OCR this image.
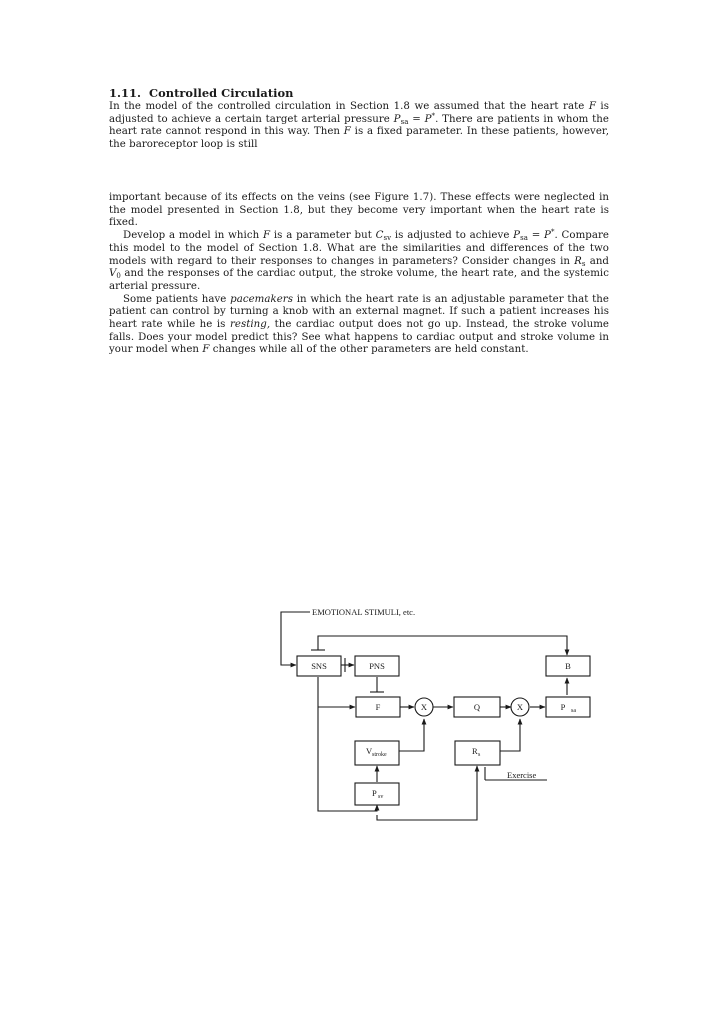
1.11. Controlled Circulation

In the model of the controlled circulation in Section 1.8 we assumed that the heart rate F is adjusted to achieve a certain target arterial pressure $P_{sa} = P^*$. There are patients in whom the heart rate cannot respond in this way. Then F is a fixed parameter. In these patients, however, the baroreceptor loop is still

important because of its effects on the veins (see Figure 1.7). These effects were neglected in the model presented in Section 1.8, but they become very important when the heart rate is fixed.

Develop a model in which F is a parameter but $C_{sv}$ is adjusted to achieve $P_{sa} = P^*$. Compare this model to the model of Section 1.8. What are the similarities and differences of the two models with regard to their responses to changes in parameters? Consider changes in $R_s$ and $V_0$ and the responses of the cardiac output, the stroke volume, the heart rate, and the systemic arterial pressure.

Some patients have pacemakers in which the heart rate is an adjustable parameter that the patient can control by turning a knob with an external magnet. If such a patient increases his heart rate while he is resting, the cardiac output does not go up. Instead, the stroke volume falls. Does your model predict this? See what happens to cardiac output and stroke volume in your model when F changes while all of the other parameters are held constant.

SNS	PNS	B
F	X	Q	X	P sa
V stroke	R s
P sv
EMOTIONAL STIMULI, etc.
Exercise
